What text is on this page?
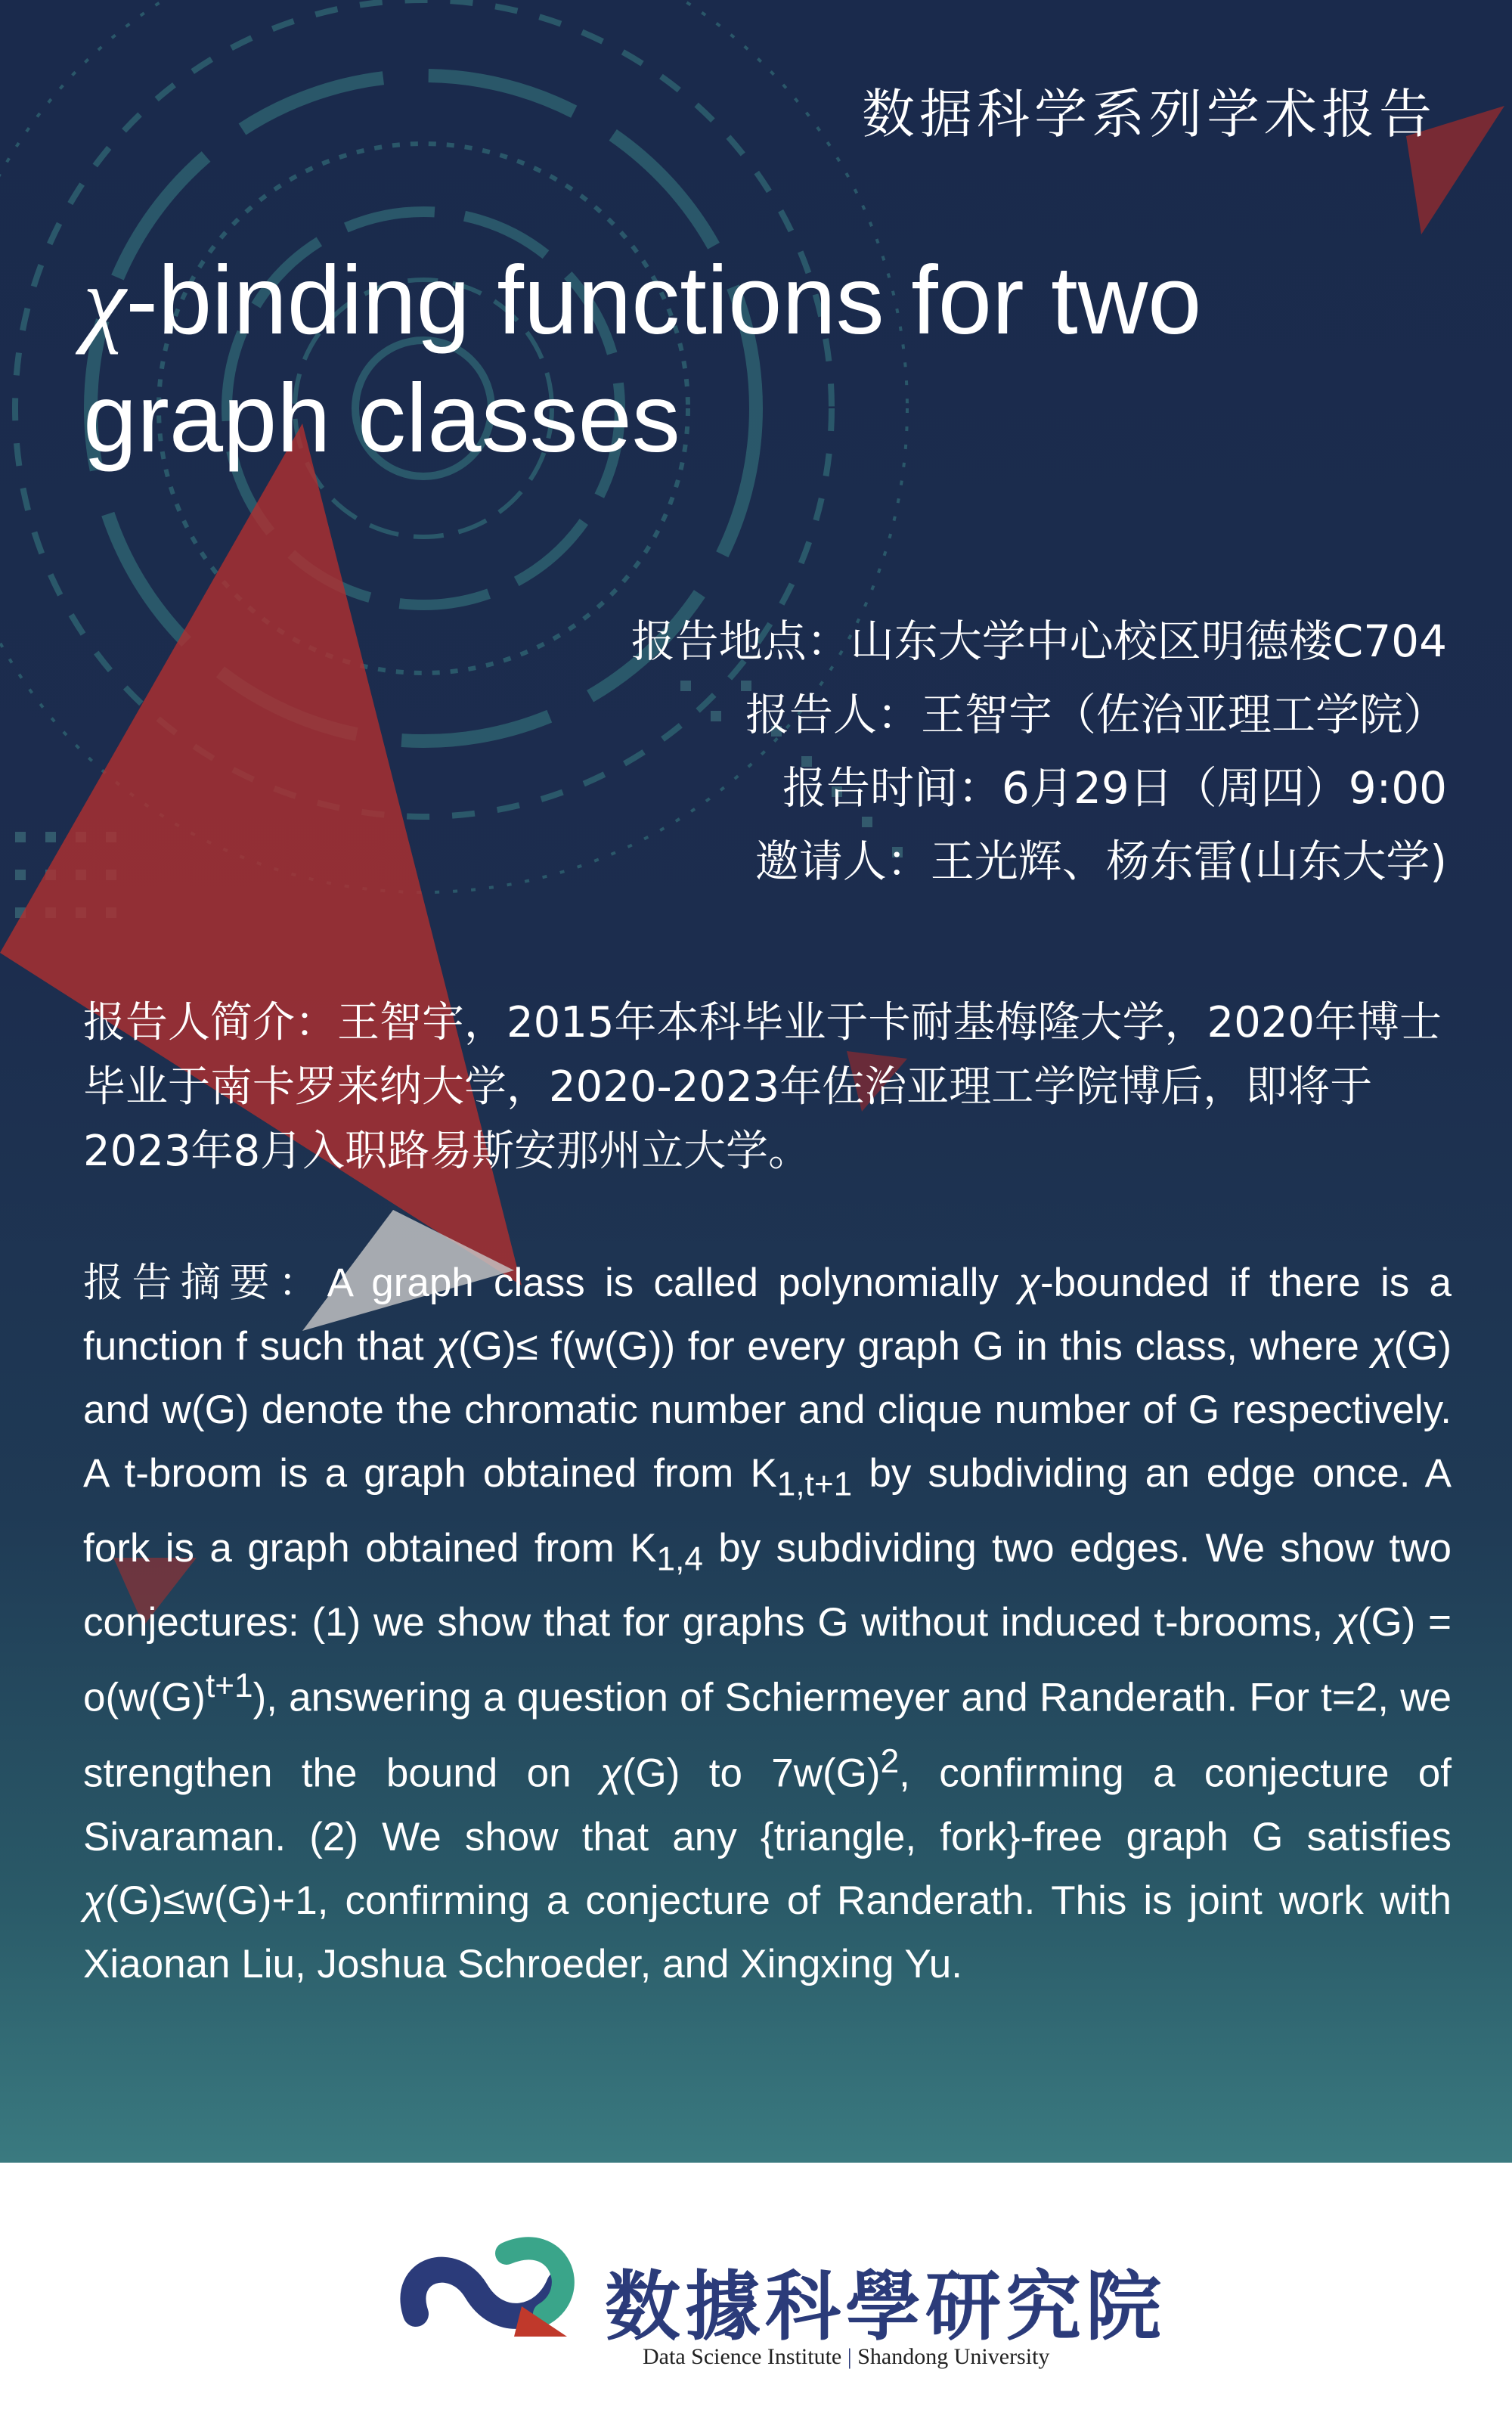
数据科学系列学术报告
χ-binding functions for two
graph classes
报告地点：山东大学中心校区明德楼C704
报告人：王智宇（佐治亚理工学院）
报告时间：6月29日（周四）9:00
邀请人：王光辉、杨东雷(山东大学)

报告人简介：王智宇，2015年本科毕业于卡耐基梅隆大学，2020年博士毕业于南卡罗来纳大学，2020-2023年佐治亚理工学院博后，即将于2023年8月入职路易斯安那州立大学。

报告摘要：A graph class is called polynomially χ-bounded if there is a function f such that χ(G)≤ f(w(G)) for every graph G in this class, where χ(G) and w(G) denote the chromatic number and clique number of G respectively. A t-broom is a graph obtained from $K_{1,t+1}$ by subdividing an edge once. A fork is a graph obtained from $K_{1,4}$ by subdividing two edges. We show two conjectures: (1) we show that for graphs G without induced t-brooms, $\chi(G) = o(w(G)^{t+1})$, answering a question of Schiermeyer and Randerath. For t=2, we strengthen the bound on χ(G) to $7w(G)^2$, confirming a conjecture of Sivaraman. (2) We show that any {triangle, fork}-free graph G satisfies χ(G)≤w(G)+1, confirming a conjecture of Randerath. This is joint work with Xiaonan Liu, Joshua Schroeder, and Xingxing Yu.

数據科學研究院
Data Science Institute | Shandong University
